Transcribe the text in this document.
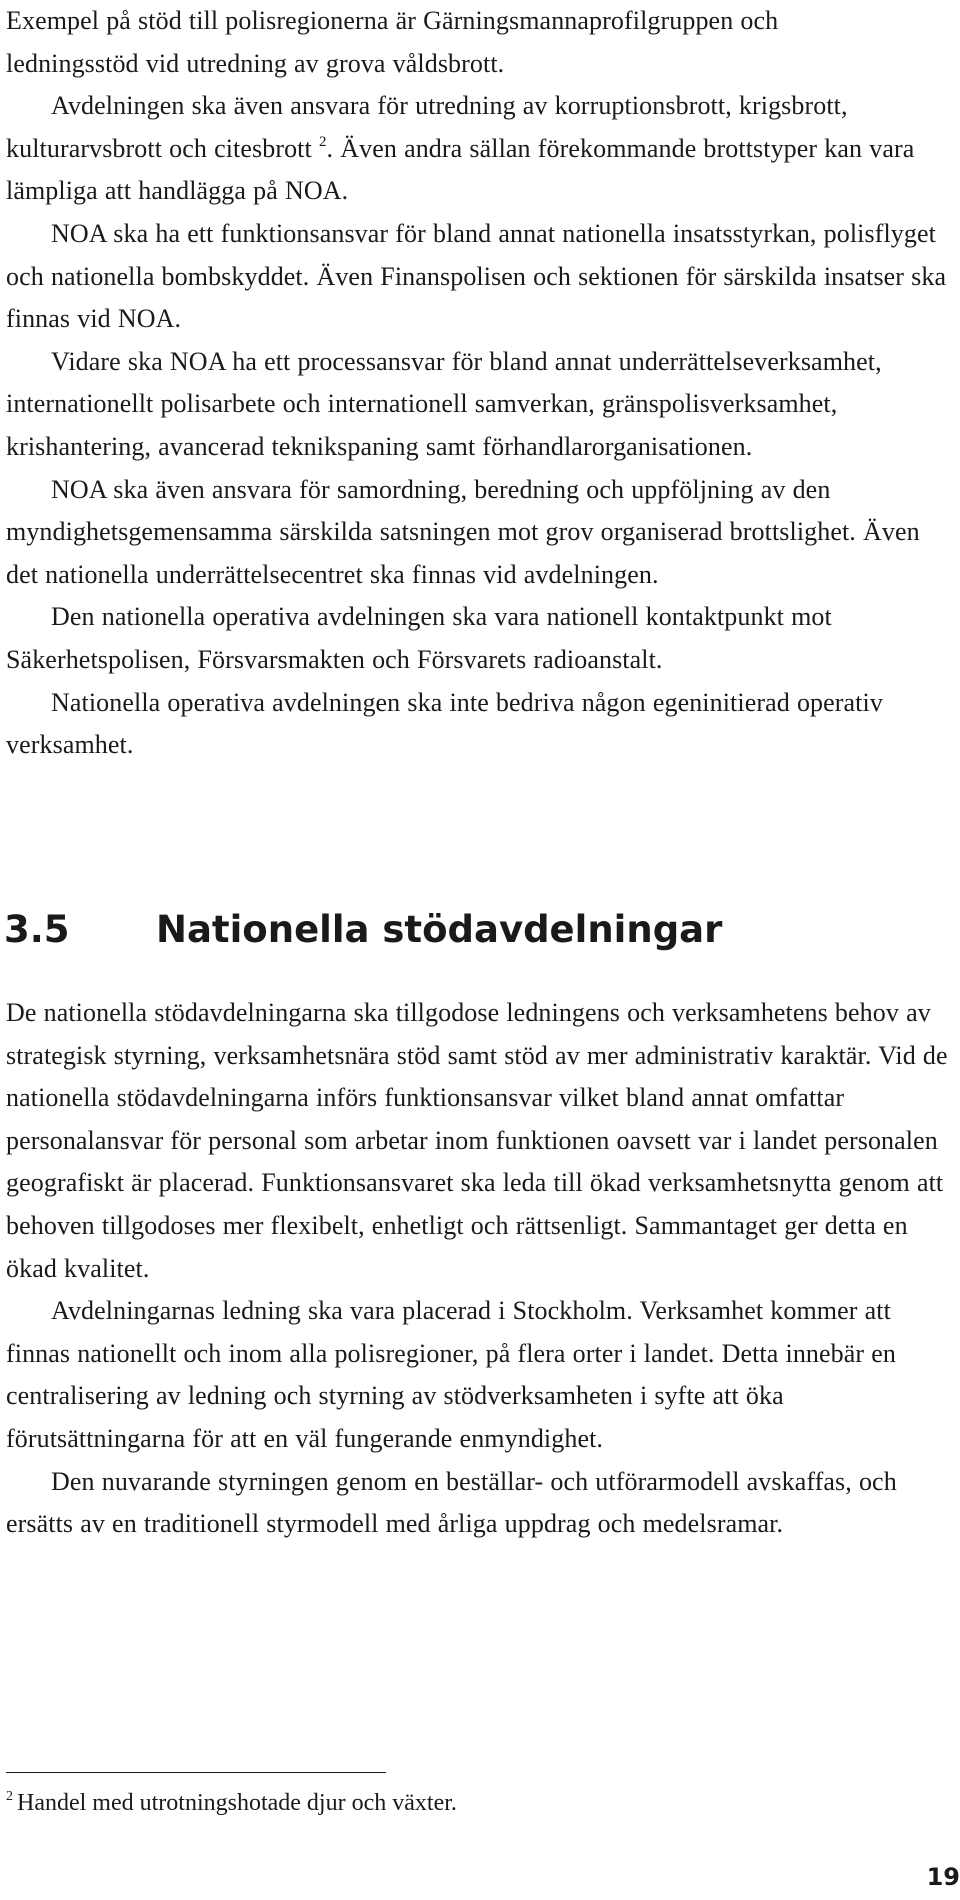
Exempel på stöd till polisregionerna är Gärningsmannaprofilgruppen och
ledningsstöd vid utredning av grova våldsbrott.

Avdelningen ska även ansvara för utredning av korruptionsbrott, krigsbrott, kulturarvsbrott och citesbrott $^2$. Även andra sällan förekommande brottstyper kan vara lämpliga att handlägga på NOA.

NOA ska ha ett funktionsansvar för bland annat nationella insatsstyrkan, polisflyget och nationella bombskyddet. Även Finanspolisen och sektionen för särskilda insatser ska finnas vid NOA.

Vidare ska NOA ha ett processansvar för bland annat underrättelseverksamhet, internationellt polisarbete och internationell samverkan, gränspolisverksamhet, krishantering, avancerad teknikspaning samt förhandlarorganisationen.

NOA ska även ansvara för samordning, beredning och uppföljning av den myndighetsgemensamma särskilda satsningen mot grov organiserad brottslighet. Även det nationella underrättelsecentret ska finnas vid avdelningen.

Den nationella operativa avdelningen ska vara nationell kontaktpunkt mot Säkerhetspolisen, Försvarsmakten och Försvarets radioanstalt.

Nationella operativa avdelningen ska inte bedriva någon egeninitierad operativ verksamhet.

3.5 Nationella stödavdelningar

De nationella stödavdelningarna ska tillgodose ledningens och verksamhetens behov av strategisk styrning, verksamhetsnära stöd samt stöd av mer administrativ karaktär. Vid de nationella stödavdelningarna införs funktionsansvar vilket bland annat omfattar personalansvar för personal som arbetar inom funktionen oavsett var i landet personalen geografiskt är placerad. Funktionsansvaret ska leda till ökad verksamhetsnytta genom att behoven tillgodoses mer flexibelt, enhetligt och rättsenligt. Sammantaget ger detta en ökad kvalitet.

Avdelningarnas ledning ska vara placerad i Stockholm. Verksamhet kommer att finnas nationellt och inom alla polisregioner, på flera orter i landet. Detta innebär en centralisering av ledning och styrning av stödverksamheten i syfte att öka förutsättningarna för att en väl fungerande enmyndighet.

Den nuvarande styrningen genom en beställar- och utförarmodell avskaffas, och ersätts av en traditionell styrmodell med årliga uppdrag och medelsramar.

$^2$ Handel med utrotningshotade djur och växter.
19
